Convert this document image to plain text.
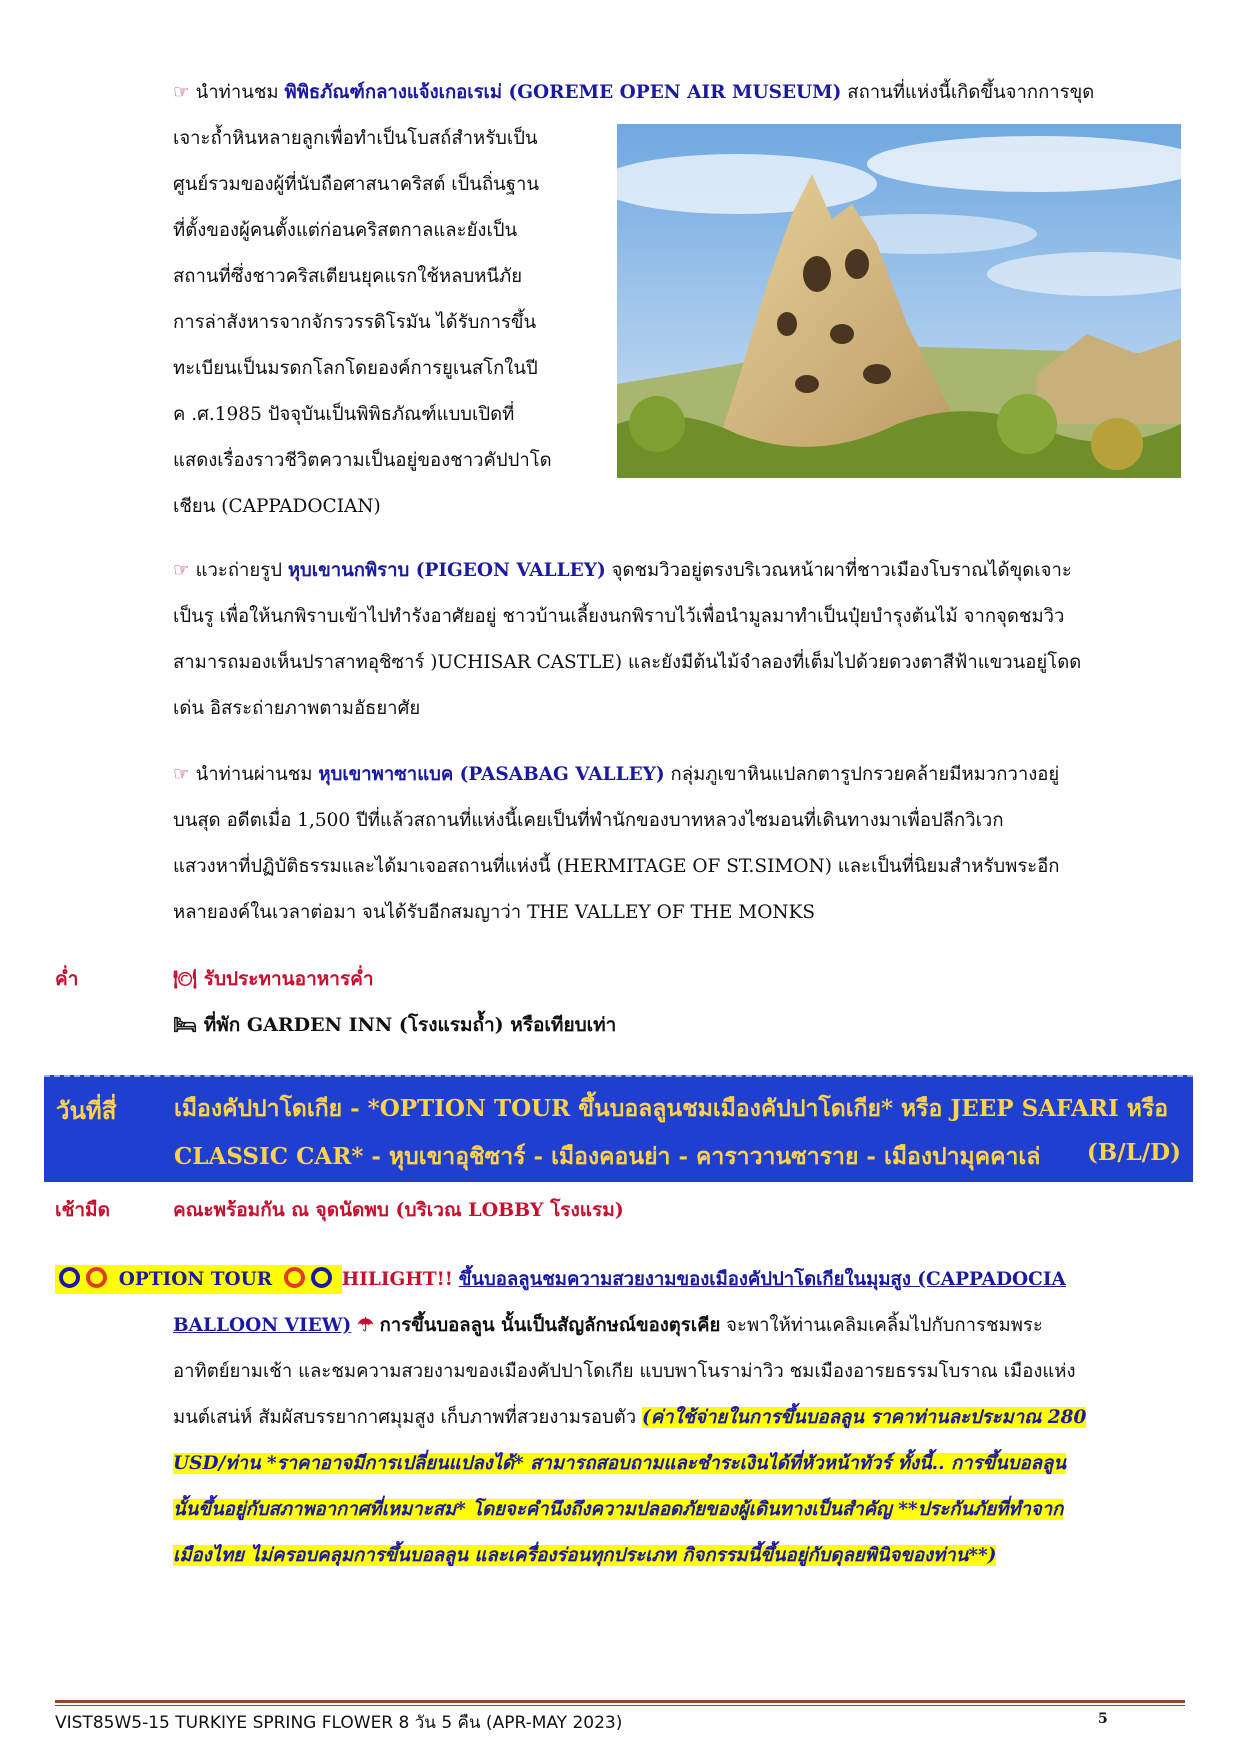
☞ นำท่านชม พิพิธภัณฑ์กลางแจ้งเกอเรเม่ (GOREME OPEN AIR MUSEUM) สถานที่แห่งนี้เกิดขึ้นจากการขุด
เจาะถ้ำหินหลายลูกเพื่อทำเป็นโบสถ์สำหรับเป็น
ศูนย์รวมของผู้ที่นับถือศาสนาคริสต์ เป็นถิ่นฐาน
ที่ตั้งของผู้คนตั้งแต่ก่อนคริสตกาลและยังเป็น
สถานที่ซึ่งชาวคริสเตียนยุคแรกใช้หลบหนีภัย
การล่าสังหารจากจักรวรรดิโรมัน ได้รับการขึ้น
ทะเบียนเป็นมรดกโลกโดยองค์การยูเนสโกในปี
ค .ศ.1985 ปัจจุบันเป็นพิพิธภัณฑ์แบบเปิดที่
แสดงเรื่องราวชีวิตความเป็นอยู่ของชาวคัปปาโด
เชียน (CAPPADOCIAN)
☞ แวะถ่ายรูป หุบเขานกพิราบ (PIGEON VALLEY) จุดชมวิวอยู่ตรงบริเวณหน้าผาที่ชาวเมืองโบราณได้ขุดเจาะ
เป็นรู เพื่อให้นกพิราบเข้าไปทำรังอาศัยอยู่ ชาวบ้านเลี้ยงนกพิราบไว้เพื่อนำมูลมาทำเป็นปุ๋ยบำรุงต้นไม้ จากจุดชมวิว
สามารถมองเห็นปราสาทอุชิซาร์ )UCHISAR CASTLE) และยังมีต้นไม้จำลองที่เต็มไปด้วยดวงตาสีฟ้าแขวนอยู่โดด
เด่น อิสระถ่ายภาพตามอัธยาศัย
☞ นำท่านผ่านชม หุบเขาพาซาแบค (PASABAG VALLEY) กลุ่มภูเขาหินแปลกตารูปกรวยคล้ายมีหมวกวางอยู่
บนสุด อดีตเมื่อ 1,500 ปีที่แล้วสถานที่แห่งนี้เคยเป็นที่พำนักของบาทหลวงไซมอนที่เดินทางมาเพื่อปลีกวิเวก
แสวงหาที่ปฏิบัติธรรมและได้มาเจอสถานที่แห่งนี้ (HERMITAGE OF ST.SIMON) และเป็นที่นิยมสำหรับพระอีก
หลายองค์ในเวลาต่อมา จนได้รับอีกสมญาว่า THE VALLEY OF THE MONKS
ค่ำ	🍽 รับประทานอาหารค่ำ
🛏 ที่พัก GARDEN INN (โรงแรมถ้ำ) หรือเทียบเท่า
วันที่สี่	เมืองคัปปาโดเกีย - *OPTION TOUR ขึ้นบอลลูนชมเมืองคัปปาโดเกีย* หรือ JEEP SAFARI หรือ
CLASSIC CAR* - หุบเขาอุชิซาร์ - เมืองคอนย่า - คาราวานซาราย - เมืองปามุคคาเล่ (B/L/D)
เช้ามืด	คณะพร้อมกัน ณ จุดนัดพบ (บริเวณ LOBBY โรงแรม)
OPTION TOUR	HILIGHT!! ขึ้นบอลลูนชมความสวยงามของเมืองคัปปาโดเกียในมุมสูง (CAPPADOCIA
BALLOON VIEW) ☂ การขึ้นบอลลูน นั้นเป็นสัญลักษณ์ของตุรเคีย จะพาให้ท่านเคลิมเคลิ้มไปกับการชมพระ
อาทิตย์ยามเช้า และชมความสวยงามของเมืองคัปปาโดเกีย แบบพาโนราม่าวิว ชมเมืองอารยธรรมโบราณ เมืองแห่ง
มนต์เสน่ห์ สัมผัสบรรยากาศมุมสูง เก็บภาพที่สวยงามรอบตัว (ค่าใช้จ่ายในการขึ้นบอลลูน ราคาท่านละประมาณ 280
USD/ท่าน *ราคาอาจมีการเปลี่ยนแปลงได้* สามารถสอบถามและชำระเงินได้ที่หัวหน้าทัวร์ ทั้งนี้.. การขึ้นบอลลูน
นั้นขึ้นอยู่กับสภาพอากาศที่เหมาะสม* โดยจะคำนึงถึงความปลอดภัยของผู้เดินทางเป็นสำคัญ **ประกันภัยที่ทำจาก
เมืองไทย ไม่ครอบคลุมการขึ้นบอลลูน และเครื่องร่อนทุกประเภท กิจกรรมนี้ขึ้นอยู่กับดุลยพินิจของท่าน**)
VIST85W5-15 TURKIYE SPRING FLOWER 8 วัน 5 คืน (APR-MAY 2023)	5
